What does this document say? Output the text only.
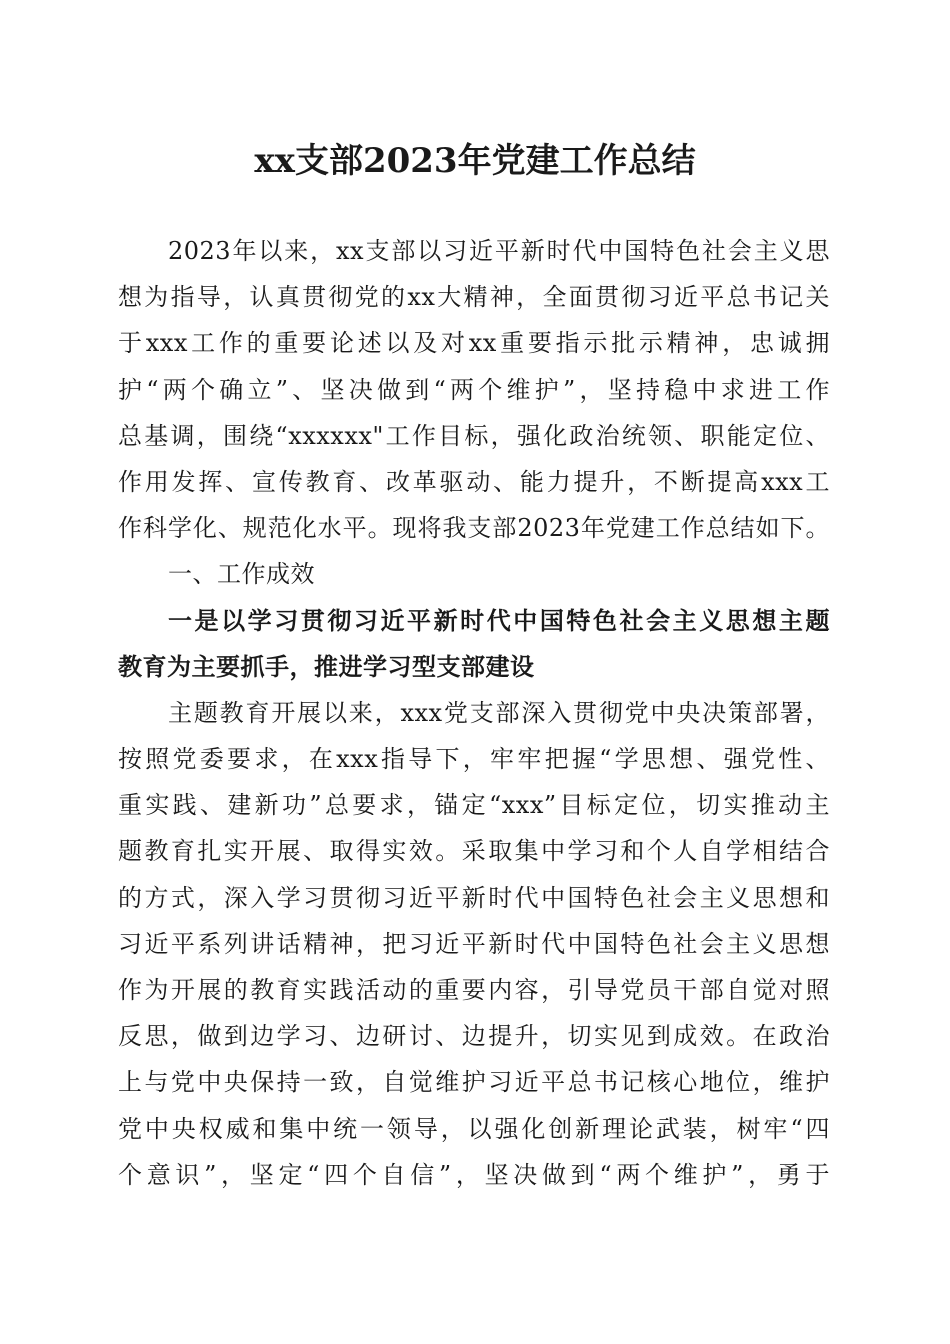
xx支部2023年党建工作总结
2023年以来，xx支部以习近平新时代中国特色社会主义思
想为指导，认真贯彻党的xx大精神，全面贯彻习近平总书记关
于xxx工作的重要论述以及对xx重要指示批示精神，忠诚拥
护“两个确立”、坚决做到“两个维护”，坚持稳中求进工作
总基调，围绕“xxxxxx"工作目标，强化政治统领、职能定位、
作用发挥、宣传教育、改革驱动、能力提升，不断提高xxx工
作科学化、规范化水平。现将我支部2023年党建工作总结如下。
一、工作成效
一是以学习贯彻习近平新时代中国特色社会主义思想主题
教育为主要抓手，推进学习型支部建设
主题教育开展以来，xxx党支部深入贯彻党中央决策部署，
按照党委要求，在xxx指导下，牢牢把握“学思想、强党性、
重实践、建新功”总要求，锚定“xxx”目标定位，切实推动主
题教育扎实开展、取得实效。采取集中学习和个人自学相结合
的方式，深入学习贯彻习近平新时代中国特色社会主义思想和
习近平系列讲话精神，把习近平新时代中国特色社会主义思想
作为开展的教育实践活动的重要内容，引导党员干部自觉对照
反思，做到边学习、边研讨、边提升，切实见到成效。在政治
上与党中央保持一致，自觉维护习近平总书记核心地位，维护
党中央权威和集中统一领导，以强化创新理论武装，树牢“四
个意识”，坚定“四个自信”，坚决做到“两个维护”，勇于
